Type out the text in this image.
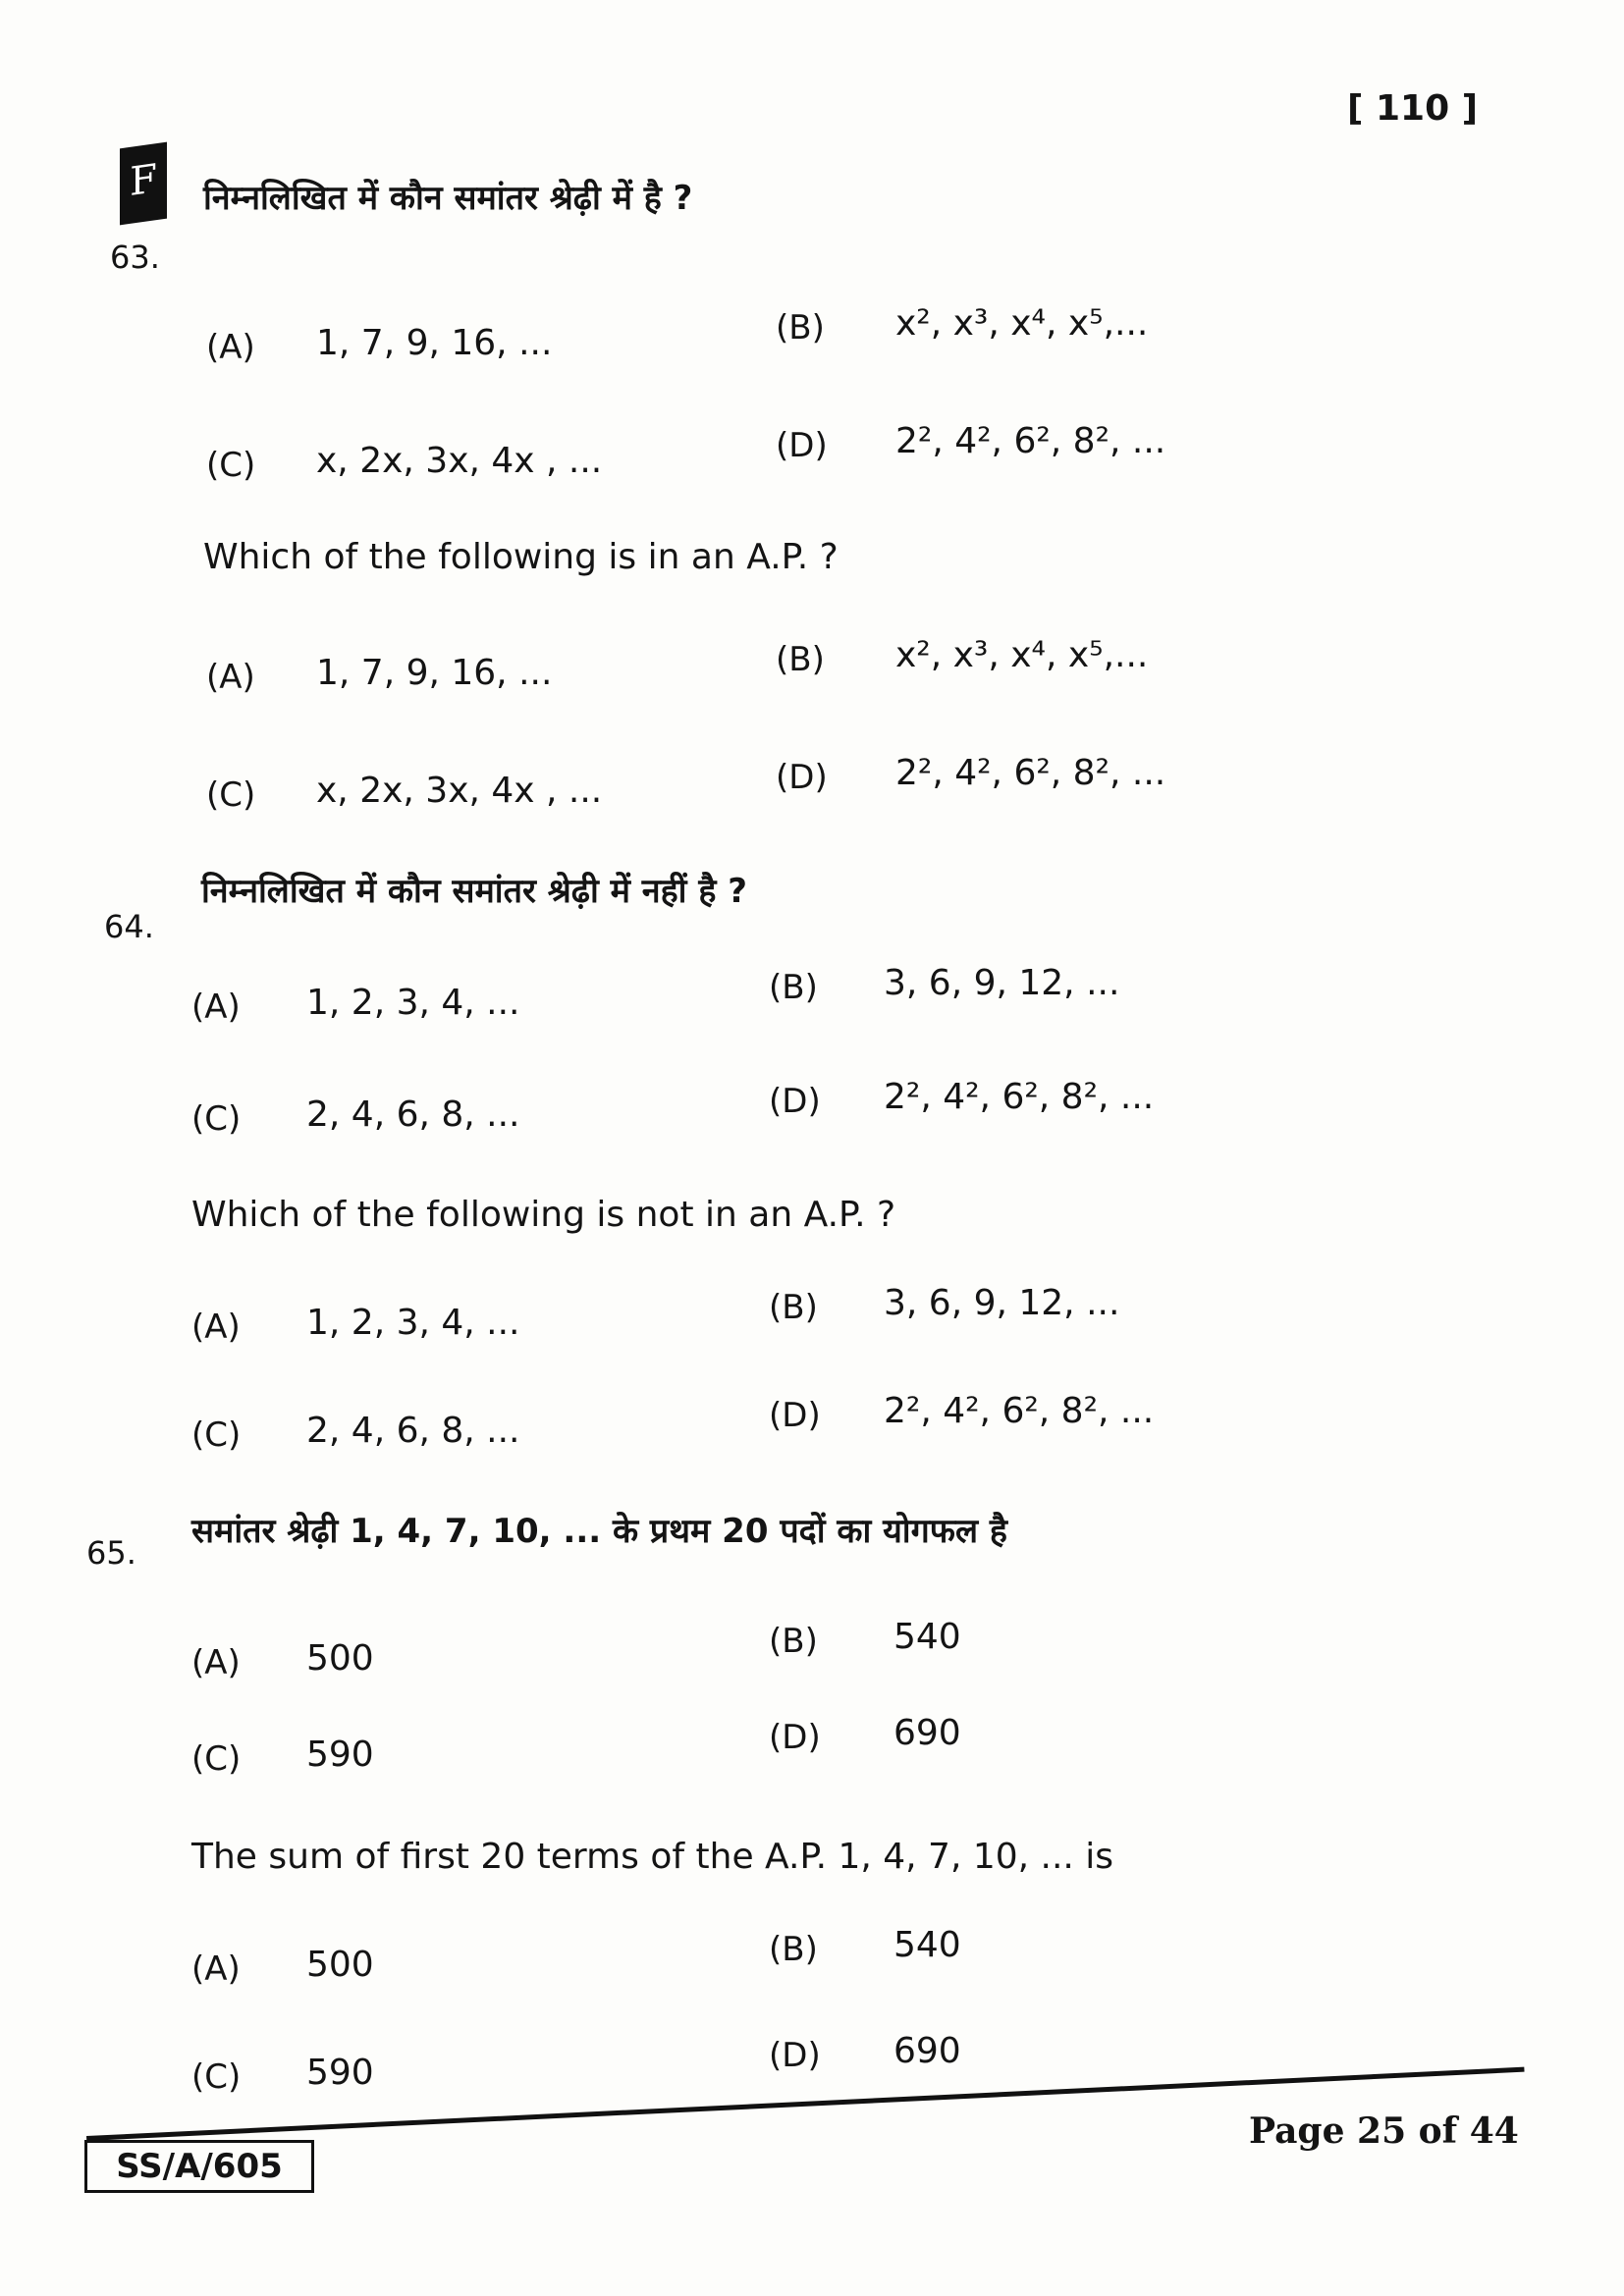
[ 110 ]
F
63.
निम्नलिखित में कौन समांतर श्रेढ़ी में है ?
Which of the following is in an A.P. ?
(A) 1, 7, 9, 16, ...	(B) x², x³, x⁴, x⁵,...
(C) x, 2x, 3x, 4x , ...	(D) 2², 4², 6², 8², ...
(A) 1, 7, 9, 16, ...	(B) x², x³, x⁴, x⁵,...
(C) x, 2x, 3x, 4x , ...	(D) 2², 4², 6², 8², ...
64.
निम्नलिखित में कौन समांतर श्रेढ़ी में नहीं है ?
Which of the following is not in an A.P. ?
(A) 1, 2, 3, 4, ...	(B) 3, 6, 9, 12, ...
(C) 2, 4, 6, 8, ...	(D) 2², 4², 6², 8², ...
(A) 1, 2, 3, 4, ...	(B) 3, 6, 9, 12, ...
(C) 2, 4, 6, 8, ...	(D) 2², 4², 6², 8², ...
65.
समांतर श्रेढ़ी 1, 4, 7, 10, ... के प्रथम 20 पदों का योगफल है
The sum of first 20 terms of the A.P. 1, 4, 7, 10, ... is
(A) 500	(B) 540
(C) 590	(D) 690
(A) 500	(B) 540
(C) 590	(D) 690
SS/A/605
Page 25 of 44
